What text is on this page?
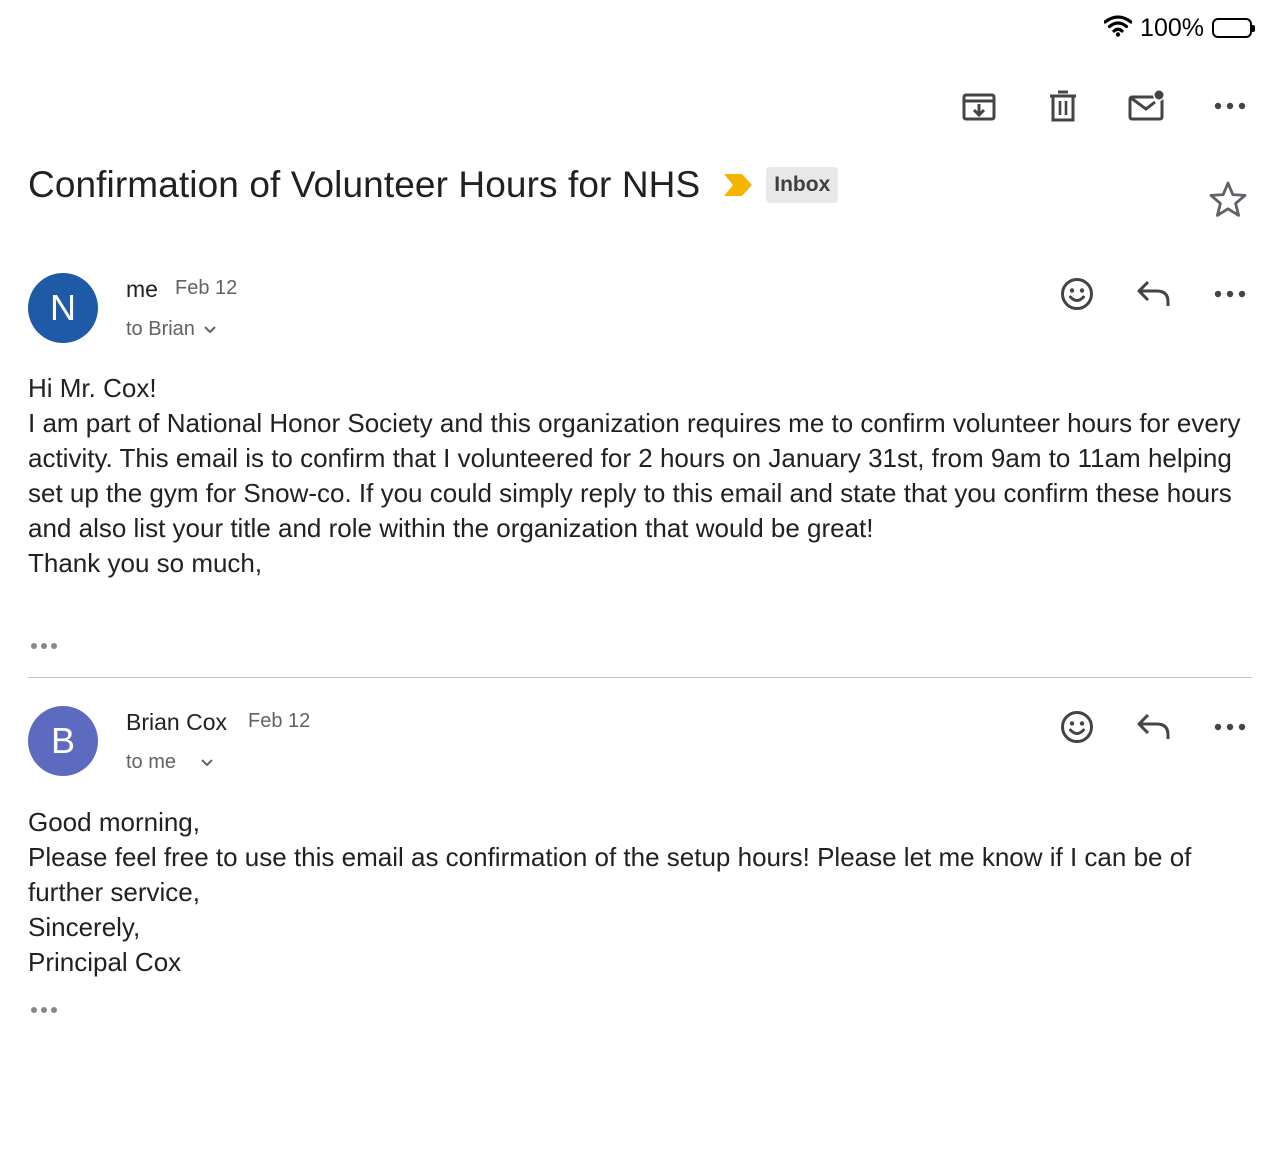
100%
Confirmation of Volunteer Hours for NHS	Inbox
N me Feb 12
to Brian

Hi Mr. Cox!

I am part of National Honor Society and this organization requires me to confirm volunteer hours for every activity. This email is to confirm that I volunteered for 2 hours on January 31st, from 9am to 11am helping set up the gym for Snow-co. If you could simply reply to this email and state that you confirm these hours and also list your title and role within the organization that would be great!

Thank you so much,

B Brian Cox Feb 12
to me

Good morning,

Please feel free to use this email as confirmation of the setup hours! Please let me know if I can be of further service,

Sincerely,

Principal Cox
